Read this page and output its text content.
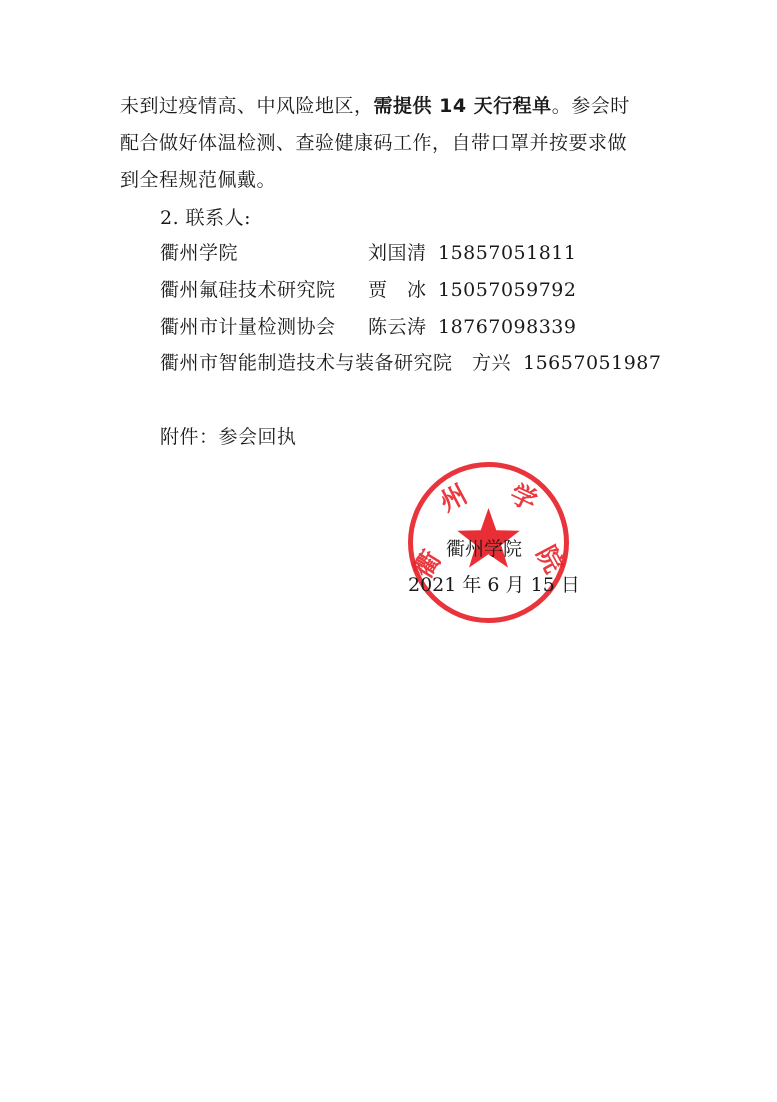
未到过疫情高、中风险地区，需提供 14 天行程单。参会时
配合做好体温检测、查验健康码工作，自带口罩并按要求做
到全程规范佩戴。
2. 联系人:
衢州学院	刘国清 15857051811
衢州氟硅技术研究院 贾　冰 15057059792
衢州市计量检测协会 陈云涛 18767098339
衢州市智能制造技术与装备研究院 方兴 15657051987
附件：参会回执
衢
州 学
院
衢州学院
2021 年 6 月 15 日
